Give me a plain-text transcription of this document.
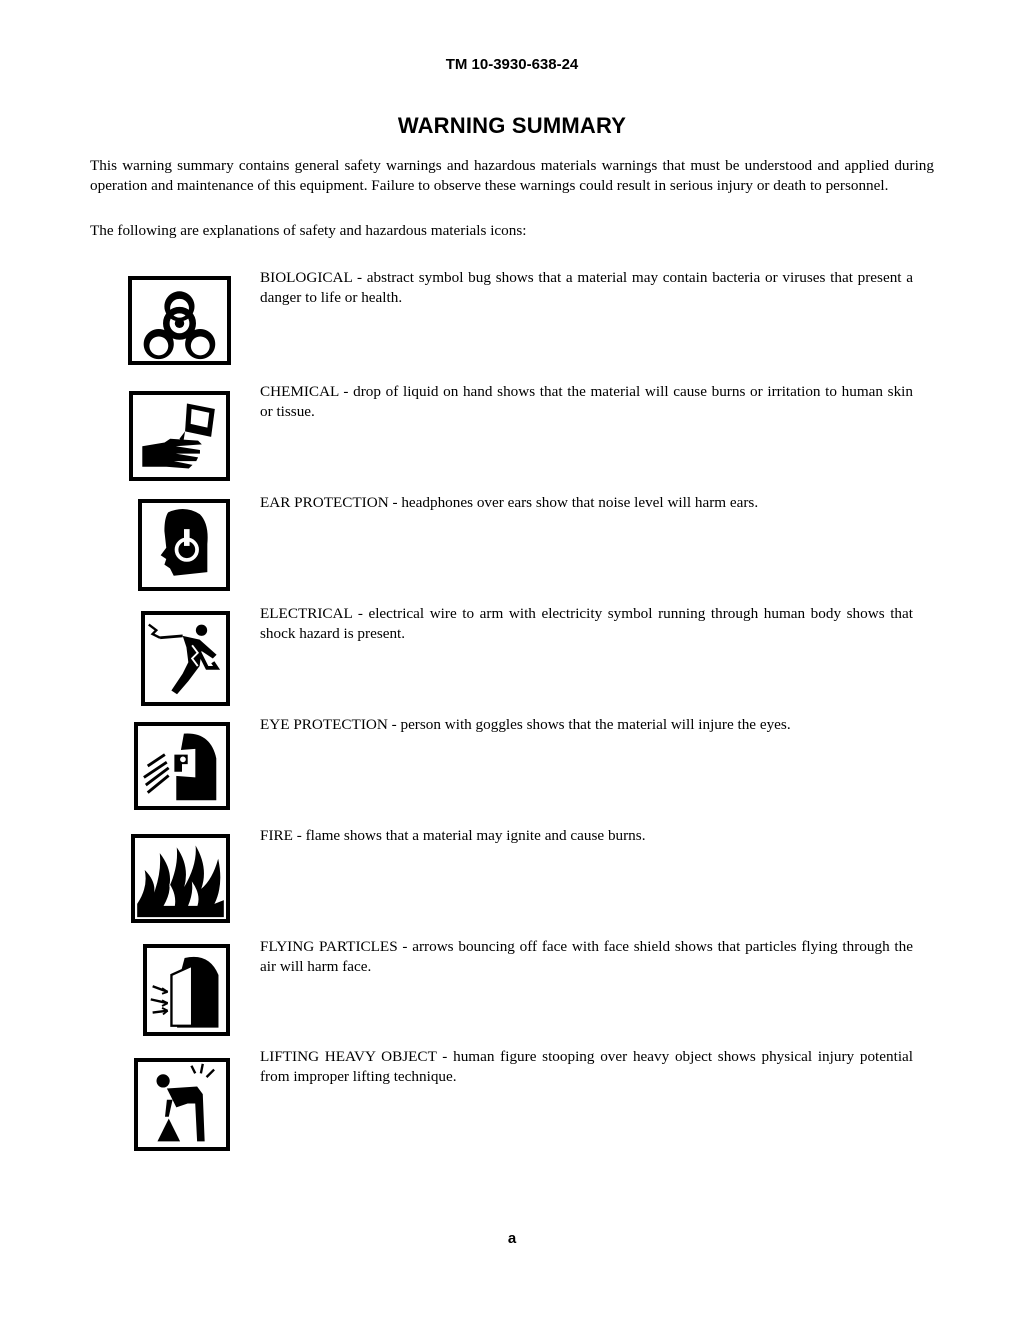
TM 10-3930-638-24
WARNING SUMMARY

This warning summary contains general safety warnings and hazardous materials warnings that must be understood and applied during operation and maintenance of this equipment. Failure to observe these warnings could result in serious injury or death to personnel.

The following are explanations of safety and hazardous materials icons:

BIOLOGICAL - abstract symbol bug shows that a material may contain bacteria or viruses that present a danger to life or health.

CHEMICAL - drop of liquid on hand shows that the material will cause burns or irritation to human skin or tissue.

EAR PROTECTION - headphones over ears show that noise level will harm ears.

ELECTRICAL - electrical wire to arm with electricity symbol running through human body shows that shock hazard is present.

EYE PROTECTION - person with goggles shows that the material will injure the eyes.

FIRE - flame shows that a material may ignite and cause burns.

FLYING PARTICLES - arrows bouncing off face with face shield shows that particles flying through the air will harm face.

LIFTING HEAVY OBJECT - human figure stooping over heavy object shows physical injury potential from improper lifting technique.

a
